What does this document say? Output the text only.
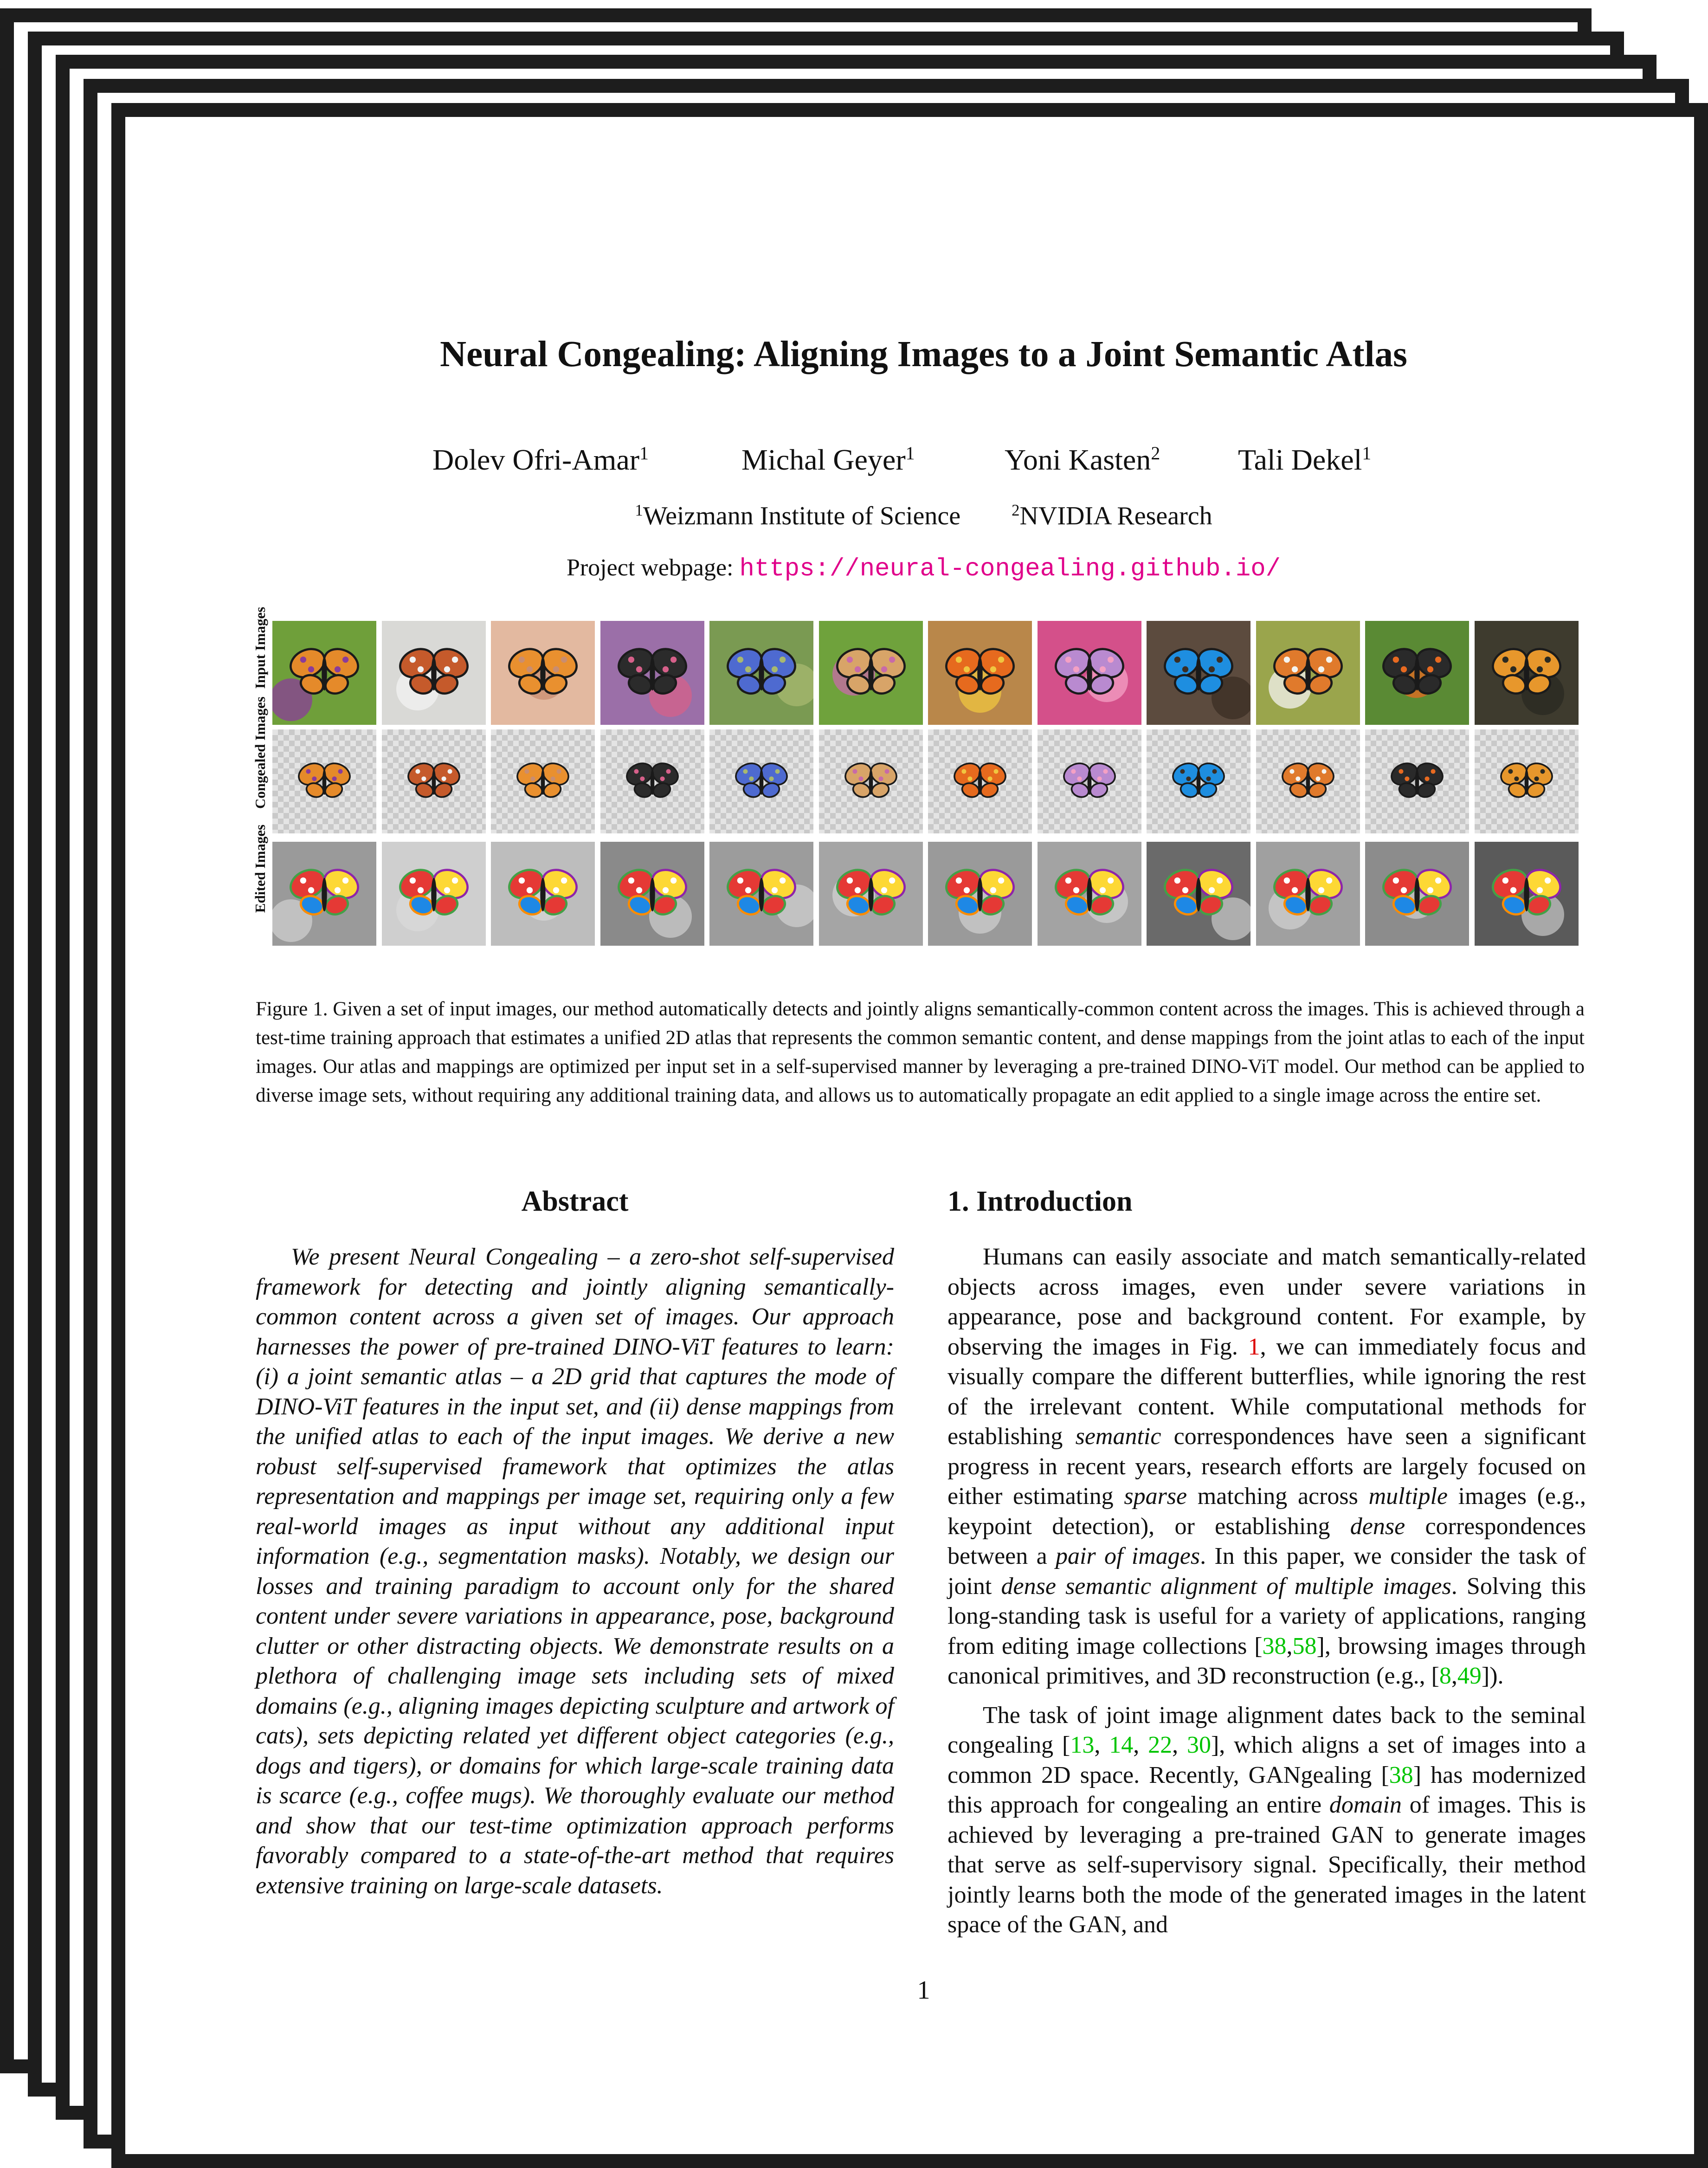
Neural Congealing: Aligning Images to a Joint Semantic Atlas
Dolev Ofri-Amar$^1$	Michal Geyer$^1$	Yoni Kasten$^2$	Tali Dekel$^1$
$^1$Weizmann Institute of Science	$^2$NVIDIA Research
Project webpage: https://neural-congealing.github.io/
Input Images
Congealed Images
Edited Images
Figure 1. Given a set of input images, our method automatically detects and jointly aligns semantically-common content across the images. This is achieved through a test-time training approach that estimates a unified 2D atlas that represents the common semantic content, and dense mappings from the joint atlas to each of the input images. Our atlas and mappings are optimized per input set in a self-supervised manner by leveraging a pre-trained DINO-ViT model. Our method can be applied to diverse image sets, without requiring any additional training data, and allows us to automatically propagate an edit applied to a single image across the entire set.
Abstract

We present Neural Congealing – a zero-shot self-supervised framework for detecting and jointly aligning semantically-common content across a given set of images. Our approach harnesses the power of pre-trained DINO-ViT features to learn: (i) a joint semantic atlas – a 2D grid that captures the mode of DINO-ViT features in the input set, and (ii) dense mappings from the unified atlas to each of the input images. We derive a new robust self-supervised framework that optimizes the atlas representation and mappings per image set, requiring only a few real-world images as input without any additional input information (e.g., segmentation masks). Notably, we design our losses and training paradigm to account only for the shared content under severe variations in appearance, pose, background clutter or other distracting objects. We demonstrate results on a plethora of challenging image sets including sets of mixed domains (e.g., aligning images depicting sculpture and artwork of cats), sets depicting related yet different object categories (e.g., dogs and tigers), or domains for which large-scale training data is scarce (e.g., coffee mugs). We thoroughly evaluate our method and show that our test-time optimization approach performs favorably compared to a state-of-the-art method that requires extensive training on large-scale datasets.

1. Introduction

Humans can easily associate and match semantically-related objects across images, even under severe variations in appearance, pose and background content. For example, by observing the images in Fig. 1, we can immediately focus and visually compare the different butterflies, while ignoring the rest of the irrelevant content. While computational methods for establishing semantic correspondences have seen a significant progress in recent years, research efforts are largely focused on either estimating sparse matching across multiple images (e.g., keypoint detection), or establishing dense correspondences between a pair of images. In this paper, we consider the task of joint dense semantic alignment of multiple images. Solving this long-standing task is useful for a variety of applications, ranging from editing image collections [38,58], browsing images through canonical primitives, and 3D reconstruction (e.g., [8,49]).

The task of joint image alignment dates back to the seminal congealing [13, 14, 22, 30], which aligns a set of images into a common 2D space. Recently, GANgealing [38] has modernized this approach for congealing an entire domain of images. This is achieved by leveraging a pre-trained GAN to generate images that serve as self-supervisory signal. Specifically, their method jointly learns both the mode of the generated images in the latent space of the GAN, and

1
